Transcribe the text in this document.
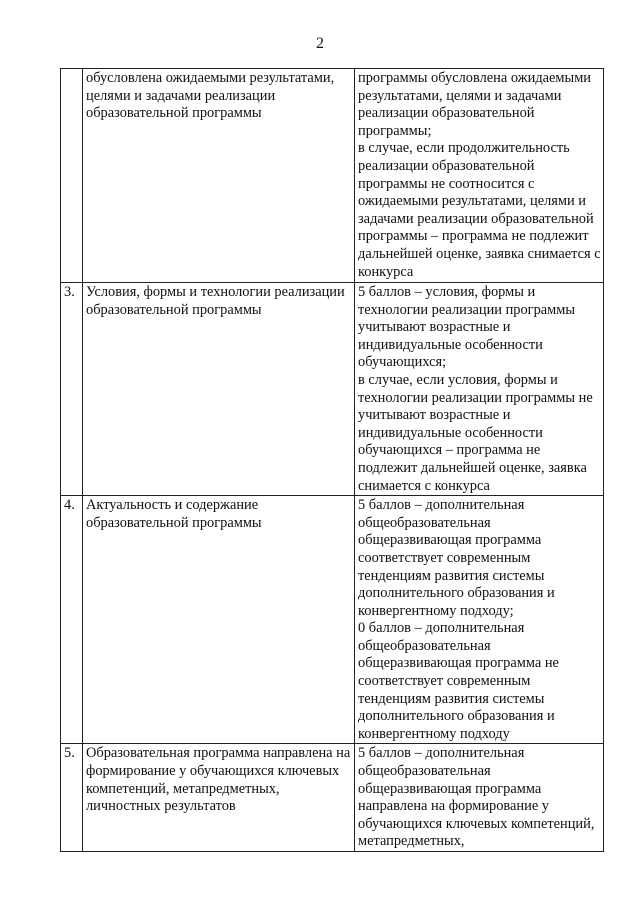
2
	обусловлена ожидаемыми результатами, целями и задачами реализации образовательной программы	программы обусловлена ожидаемыми результатами, целями и задачами реализации образовательной программы;
в случае, если продолжительность реализации образовательной программы не соотносится с ожидаемыми результатами, целями и задачами реализации образовательной программы – программа не подлежит дальнейшей оценке, заявка снимается с конкурса

3.	Условия, формы и технологии реализации образовательной программы	5 баллов – условия, формы и технологии реализации программы учитывают возрастные и индивидуальные особенности обучающихся;
в случае, если условия, формы и технологии реализации программы не учитывают возрастные и индивидуальные особенности обучающихся – программа не подлежит дальнейшей оценке, заявка снимается с конкурса

4.	Актуальность и содержание образовательной программы	5 баллов – дополнительная общеобразовательная общеразвивающая программа соответствует современным тенденциям развития системы дополнительного образования и конвергентному подходу;
0 баллов – дополнительная общеобразовательная общеразвивающая программа не соответствует современным тенденциям развития системы дополнительного образования и конвергентному подходу

5.	Образовательная программа направлена на формирование у обучающихся ключевых компетенций, метапредметных, личностных результатов	5 баллов – дополнительная общеобразовательная общеразвивающая программа направлена на формирование у обучающихся ключевых компетенций, метапредметных,
